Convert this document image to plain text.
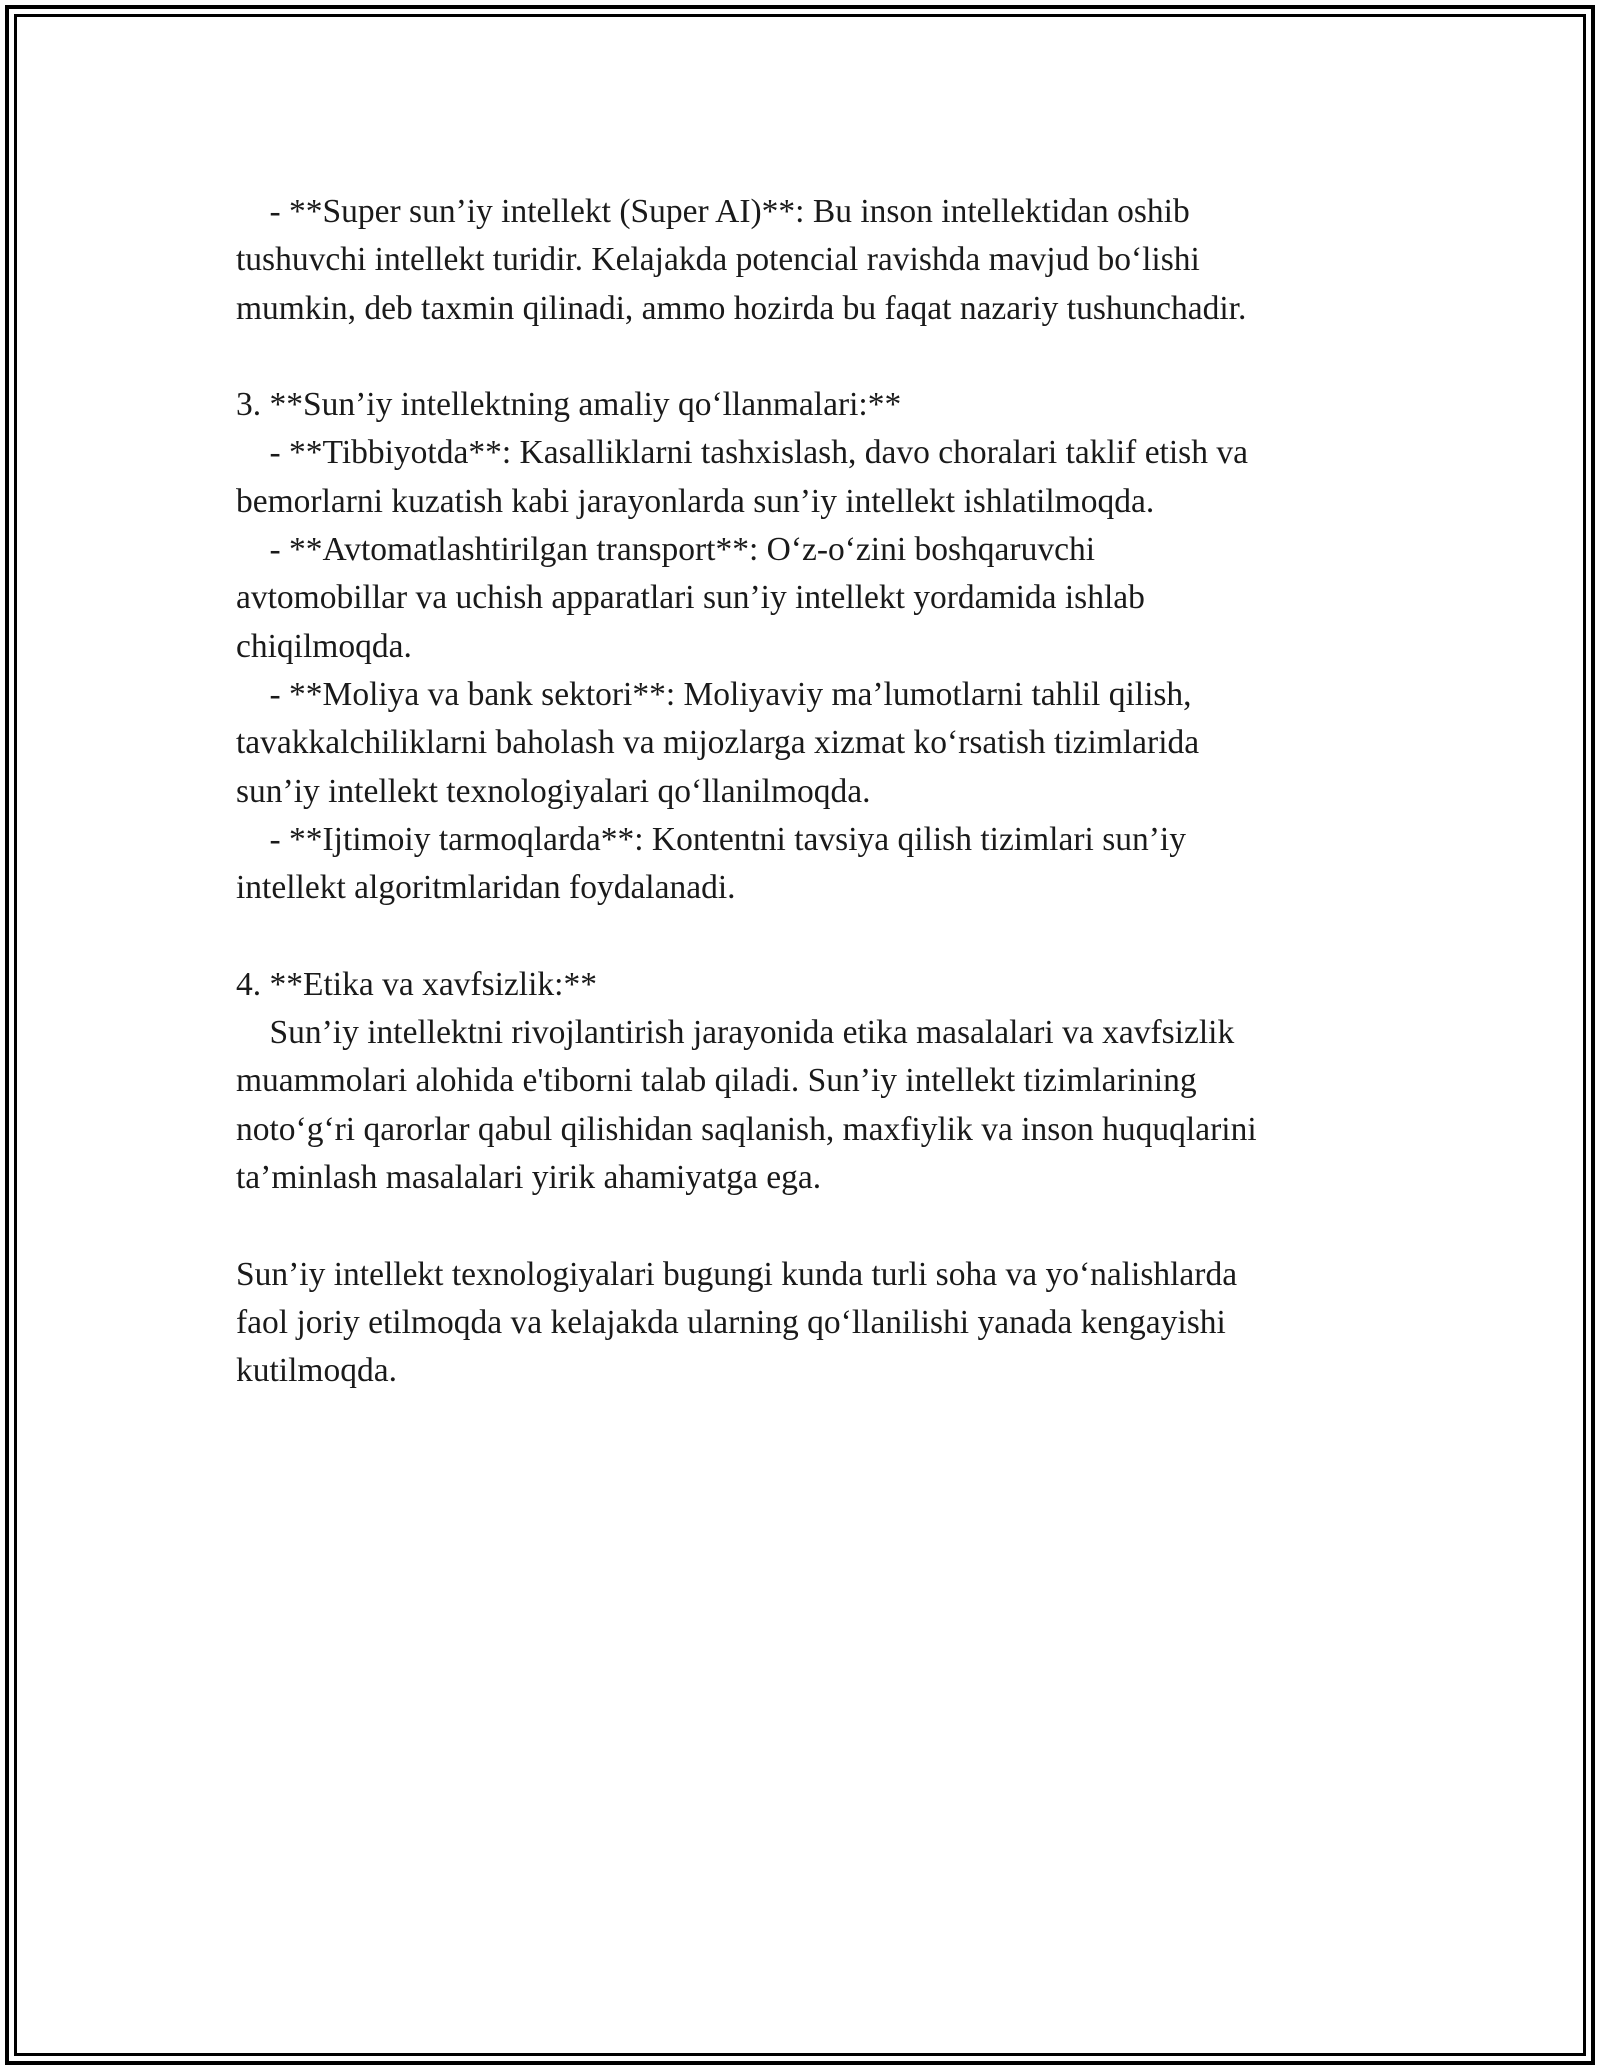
- **Super sun’iy intellekt (Super AI)**: Bu inson intellektidan oshib
tushuvchi intellekt turidir. Kelajakda potencial ravishda mavjud bo‘lishi
mumkin, deb taxmin qilinadi, ammo hozirda bu faqat nazariy tushunchadir.
3. **Sun’iy intellektning amaliy qo‘llanmalari:**
- **Tibbiyotda**: Kasalliklarni tashxislash, davo choralari taklif etish va
bemorlarni kuzatish kabi jarayonlarda sun’iy intellekt ishlatilmoqda.
- **Avtomatlashtirilgan transport**: O‘z-o‘zini boshqaruvchi
avtomobillar va uchish apparatlari sun’iy intellekt yordamida ishlab
chiqilmoqda.
- **Moliya va bank sektori**: Moliyaviy ma’lumotlarni tahlil qilish,
tavakkalchiliklarni baholash va mijozlarga xizmat ko‘rsatish tizimlarida
sun’iy intellekt texnologiyalari qo‘llanilmoqda.
- **Ijtimoiy tarmoqlarda**: Kontentni tavsiya qilish tizimlari sun’iy
intellekt algoritmlaridan foydalanadi.
4. **Etika va xavfsizlik:**
Sun’iy intellektni rivojlantirish jarayonida etika masalalari va xavfsizlik
muammolari alohida e'tiborni talab qiladi. Sun’iy intellekt tizimlarining
noto‘g‘ri qarorlar qabul qilishidan saqlanish, maxfiylik va inson huquqlarini
ta’minlash masalalari yirik ahamiyatga ega.
Sun’iy intellekt texnologiyalari bugungi kunda turli soha va yo‘nalishlarda
faol joriy etilmoqda va kelajakda ularning qo‘llanilishi yanada kengayishi
kutilmoqda.
